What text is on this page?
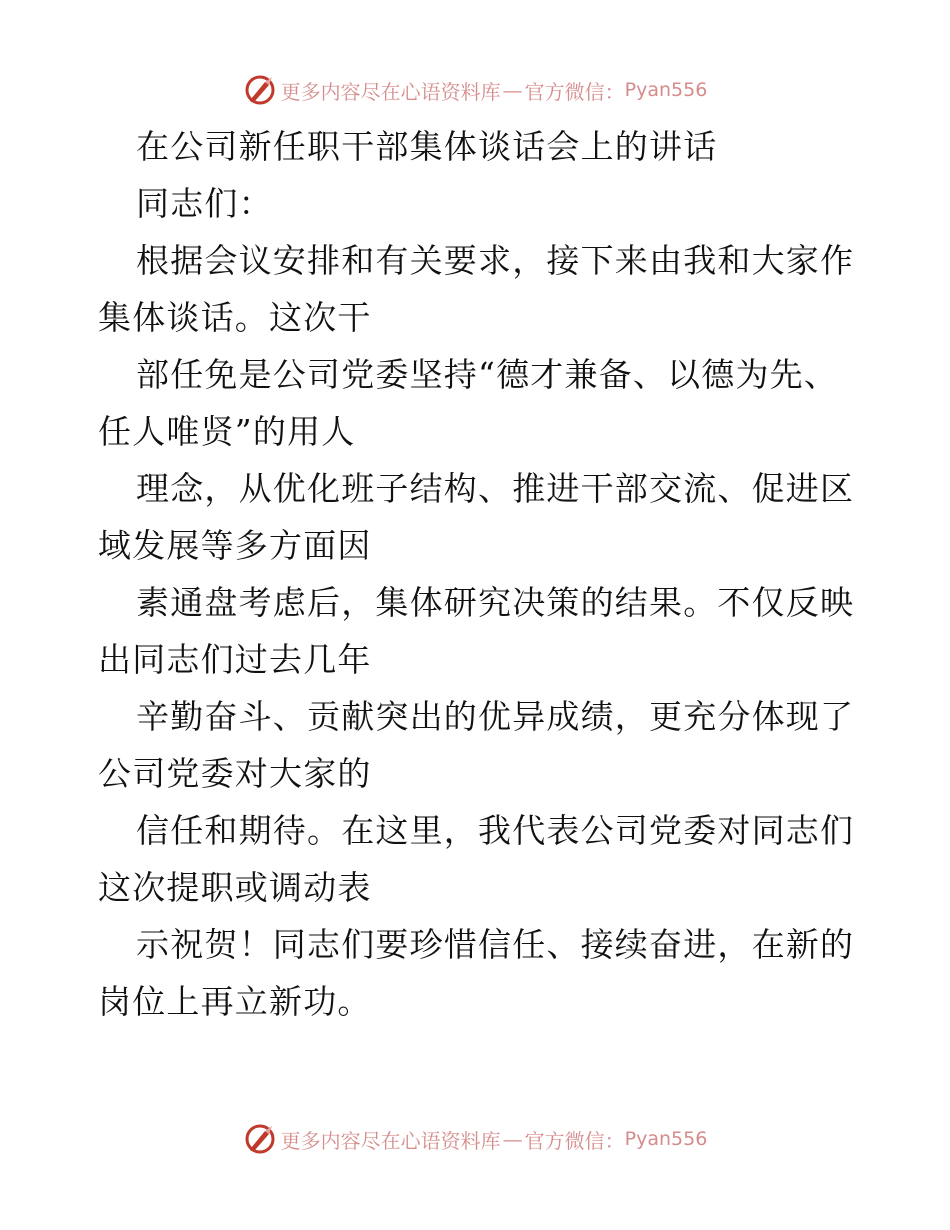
更多内容尽在心语资料库 — 官方微信： Pyan556

在公司新任职干部集体谈话会上的讲话

同志们：

根据会议安排和有关要求，接下来由我和大家作

集体谈话。这次干

部任免是公司党委坚持“德才兼备、以德为先、

任人唯贤”的用人

理念，从优化班子结构、推进干部交流、促进区

域发展等多方面因

素通盘考虑后，集体研究决策的结果。不仅反映

出同志们过去几年

辛勤奋斗、贡献突出的优异成绩，更充分体现了

公司党委对大家的

信任和期待。在这里，我代表公司党委对同志们

这次提职或调动表

示祝贺！同志们要珍惜信任、接续奋进，在新的

岗位上再立新功。

更多内容尽在心语资料库 — 官方微信： Pyan556
